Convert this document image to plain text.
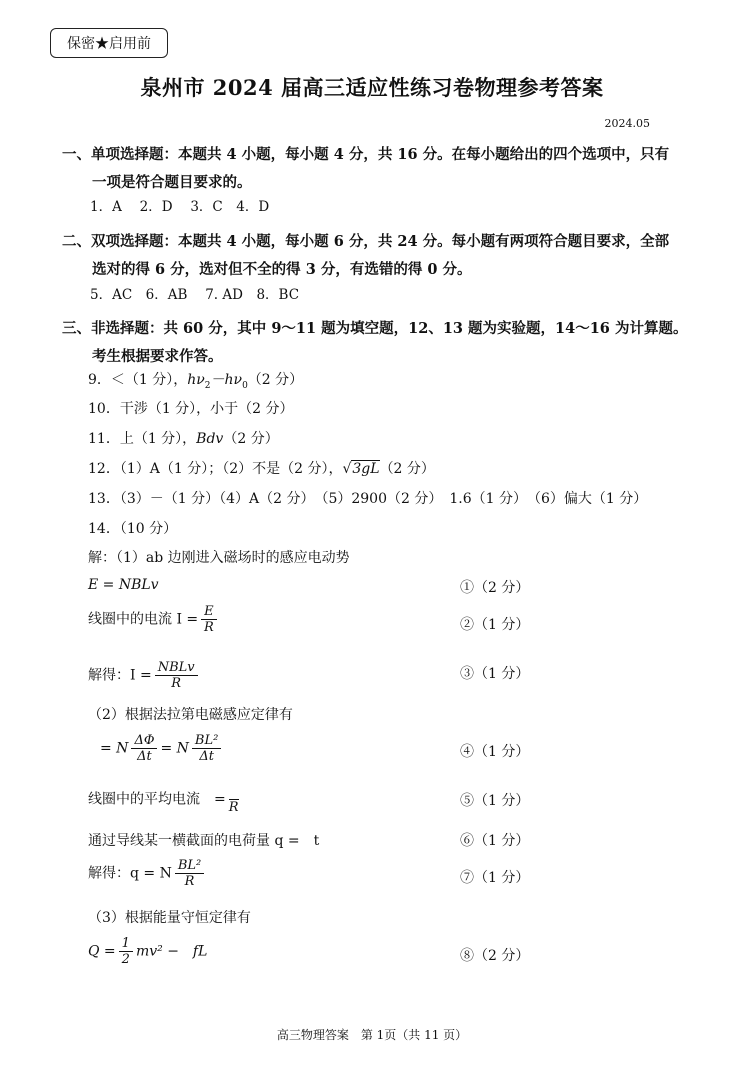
保密★启用前
泉州市 2024 届高三适应性练习卷物理参考答案
2024.05
一、单项选择题：本题共 4 小题，每小题 4 分，共 16 分。在每小题给出的四个选项中，只有
一项是符合题目要求的。
1．A　 2．D　 3．C　4．D
二、双项选择题：本题共 4 小题，每小题 6 分，共 24 分。每小题有两项符合题目要求，全部
选对的得 6 分，选对但不全的得 3 分，有选错的得 0 分。
5．AC　6．AB　 7. AD　8．BC
三、非选择题：共 60 分，其中 9～11 题为填空题，12、13 题为实验题，14～16 为计算题。
考生根据要求作答。
9．＜（1 分），$h\nu_2-h\nu_0(2$ 分）
10．干涉（1 分），小于（2 分）
11．上（1 分），Bdv（2 分）
12．（1）A（1 分）；（2）不是（2 分），√3gL（2 分）
13．（3）－（1 分）（4）A（2 分）　（5）2900（2 分）　1.6（1 分）　（6）偏大（1 分）
14．（10 分）
解：（1）ab 边刚进入磁场时的感应电动势
E = NBLv	①（2 分）
线圈中的电流 $I = \frac{E}{R}$	②（1 分）
解得：$I = \frac{\text{NBLv}}{R}$	③（1 分）
（2）根据法拉第电磁感应定律有
= N $\frac{\Delta\Phi}{\Delta t} = N \frac{\text{BL²}}{\Delta t}$	④（1 分）
线圈中的平均电流　= R	⑤（1 分）
通过导线某一横截面的电荷量 q =　t	⑥（1 分）
解得：q = N $\frac{\text{BL²}}{R}$	⑦（1 分）
（3）根据能量守恒定律有
$Q = \frac{1}{2} mv^2$ −　fL	⑧（2 分）
高三物理答案　第 1页（共 11 页）
